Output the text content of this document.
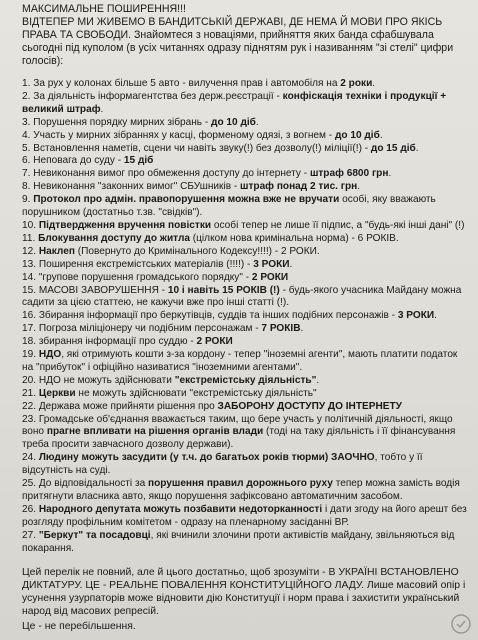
МАКСИМАЛЬНЕ ПОШИРЕННЯ!!!

ВІДТЕПЕР МИ ЖИВЕМО В БАНДИТСЬКІЙ ДЕРЖАВІ, ДЕ НЕМА Й МОВИ ПРО ЯКІСЬ ПРАВА ТА СВОБОДИ. Знайомтеся з новаціями, прийняття яких банда сфабшувала сьогодні під куполом (в усіх читаннях одразу піднятям рук і називанням "зі стелі" цифри голосів):

1. За рух у колонах більше 5 авто - вилучення прав і автомобіля на 2 роки.
2. За діяльність інформагентства без держ.реєстрації - конфіскація техніки і продукції + великий штраф.
3. Порушення порядку мирних зібрань - до 10 діб.
4. Участь у мирних зібраннях у касці, форменому одязі, з вогнем - до 10 діб.
5. Встановлення наметів, сцени чи навіть звуку(!) без дозволу(!) міліції(!) - до 15 діб.
6. Неповага до суду - 15 діб
7. Невиконання вимог про обмеження доступу до інтернету - штраф 6800 грн.
8. Невиконання "законних вимог" СБУшників - штраф понад 2 тис. грн.
9. Протокол про адмін. правопорушення можна вже не вручати особі, яку вважають порушником (достатньо т.зв. "свідків").
10. Підтвердження вручення повістки особі тепер не лише її підпис, а "будь-які інші дані" (!)
11. Блокування доступу до житла (цілком нова кримінальна норма) - 6 РОКІВ.
12. Наклеп (Повернуто до Кримінального Кодексу!!!!) - 2 РОКИ.
13. Поширення екстремістських матеріалів (!!!!) - 3 РОКИ.
14. "групове порушення громадського порядку" - 2 РОКИ
15. МАСОВІ ЗАВОРУШЕННЯ - 10 і навіть 15 РОКІВ (!) - будь-якого учасника Майдану можна садити за цією статтею, не кажучи вже про інші статті (!).
16. Збирання інформації про беркутівців, суддів та інших подібних персонажів - 3 РОКИ.
17. Погроза міліціонеру чи подібним персонажам - 7 РОКІВ.
18. збирання інформації про суддю - 2 РОКИ
19. НДО, які отримують кошти з-за кордону - тепер "іноземні агенти", мають платити податок на "прибуток" і офіційно називатися "іноземними агентами".
20. НДО не можуть здійснювати "екстремістську діяльність".
21. Церкви не можуть здійснювати "екстремістську діяльність"
22. Держава може прийняти рішення про ЗАБОРОНУ ДОСТУПУ ДО ІНТЕРНЕТУ
23. Громадське об'єднання вважається таким, що бере участь у політичній діяльності, якщо воно прагне впливати на рішення органів влади (тоді на таку діяльність і її фінансування треба просити завчасного дозволу держави).
24. Людину можуть засудити (у т.ч. до багатьох років тюрми) ЗАОЧНО, тобто у її відсутність на суді.
25. До відповідальності за порушення правил дорожнього руху тепер можна замість водія притягнути власника авто, якщо порушення зафіксовано автоматичним засобом.
26. Народного депутата можуть позбавити недоторканності і дати згоду на його арешт без розгляду профільним комітетом - одразу на пленарному засіданні ВР.
27. "Беркут" та посадовці, які вчинили злочини проти активістів майдану, звільняються від покарання.

Цей перелік не повний, але й цього достатньо, щоб зрозуміти - В УКРАЇНІ ВСТАНОВЛЕНО ДИКТАТУРУ. ЦЕ - РЕАЛЬНЕ ПОВАЛЕННЯ КОНСТИТУЦІЙНОГО ЛАДУ. Лише масовий опір і усунення узурпаторів може відновити дію Конституції і норм права і захистити український народ від масових репресій.

Це - не перебільшення.
